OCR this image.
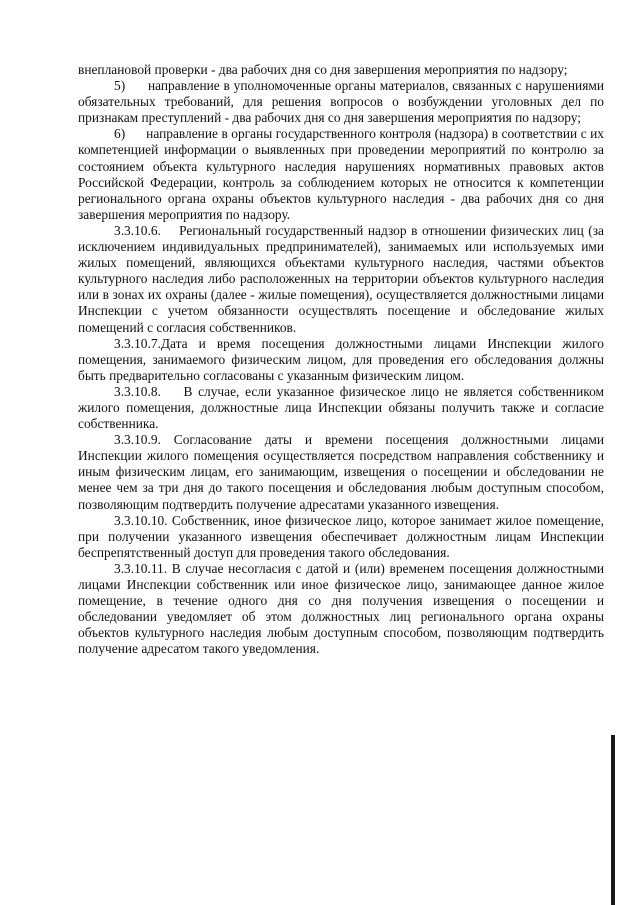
внеплановой проверки - два рабочих дня со дня завершения мероприятия по надзору;

5)      направление в уполномоченные органы материалов, связанных с нарушениями обязательных требований, для решения вопросов о возбуждении уголовных дел по признакам преступлений - два рабочих дня со дня завершения мероприятия по надзору;

6)      направление в органы государственного контроля (надзора) в соответствии с их компетенцией информации о выявленных при проведении мероприятий по контролю за состоянием объекта культурного наследия нарушениях нормативных правовых актов Российской Федерации, контроль за соблюдением которых не относится к компетенции регионального органа охраны объектов культурного наследия - два рабочих дня со дня завершения мероприятия по надзору.

3.3.10.6.    Региональный государственный надзор в отношении физических лиц (за исключением индивидуальных предпринимателей), занимаемых или используемых ими жилых помещений, являющихся объектами культурного наследия, частями объектов культурного наследия либо расположенных на территории объектов культурного наследия или в зонах их охраны (далее - жилые помещения), осуществляется должностными лицами Инспекции с учетом обязанности осуществлять посещение и обследование жилых помещений с согласия собственников.

3.3.10.7.Дата и время посещения должностными лицами Инспекции жилого помещения, занимаемого физическим лицом, для проведения его обследования должны быть предварительно согласованы с указанным физическим лицом.

3.3.10.8.    В случае, если указанное физическое лицо не является собственником жилого помещения, должностные лица Инспекции обязаны получить также и согласие собственника.

3.3.10.9. Согласование даты и времени посещения должностными лицами Инспекции жилого помещения осуществляется посредством направления собственнику и иным физическим лицам, его занимающим, извещения о посещении и обследовании не менее чем за три дня до такого посещения и обследования любым доступным способом, позволяющим подтвердить получение адресатами указанного извещения.

3.3.10.10. Собственник, иное физическое лицо, которое занимает жилое помещение, при получении указанного извещения обеспечивает должностным лицам Инспекции беспрепятственный доступ для проведения такого обследования.

3.3.10.11. В случае несогласия с датой и (или) временем посещения должностными лицами Инспекции собственник или иное физическое лицо, занимающее данное жилое помещение, в течение одного дня со дня получения извещения о посещении и обследовании уведомляет об этом должностных лиц регионального органа охраны объектов культурного наследия любым доступным способом, позволяющим подтвердить получение адресатом такого уведомления.
